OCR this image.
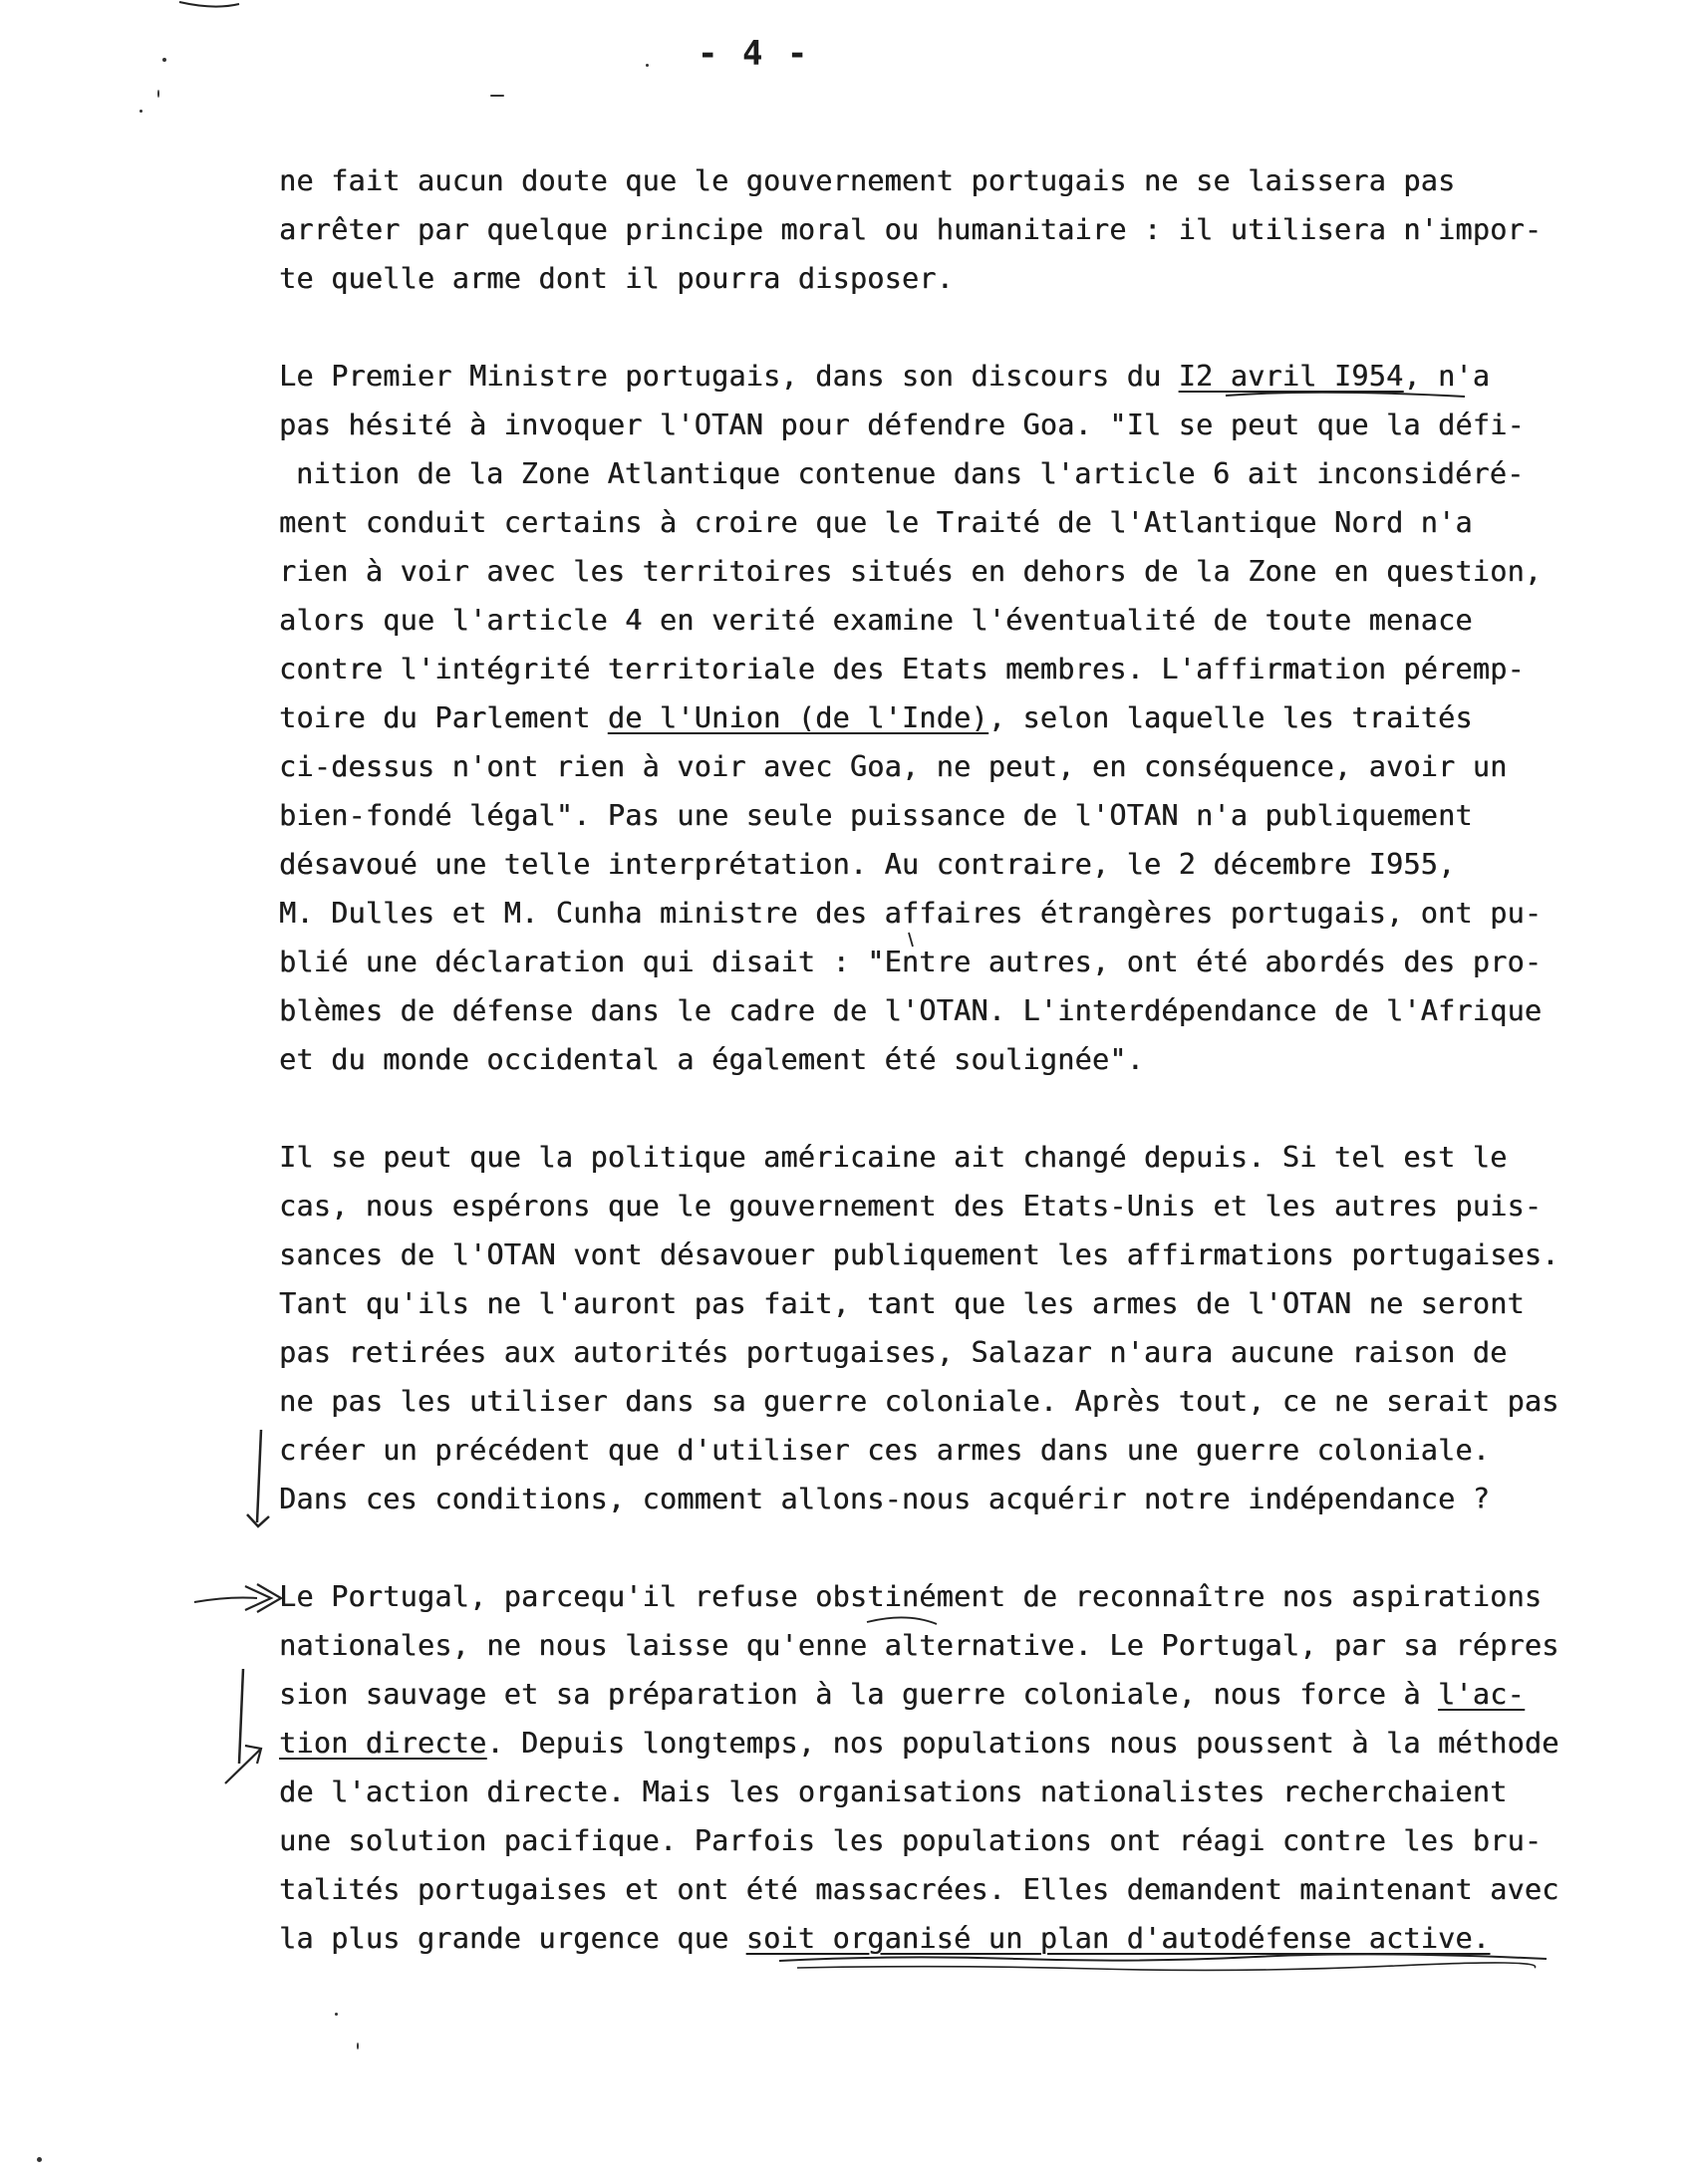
- 4 -
ne fait aucun doute que le gouvernement portugais ne se laissera pas
arrêter par quelque principe moral ou humanitaire : il utilisera n'impor-
te quelle arme dont il pourra disposer.
Le Premier Ministre portugais, dans son discours du I2 avril I954, n'a
pas hésité à invoquer l'OTAN pour défendre Goa. "Il se peut que la défi-
nition de la Zone Atlantique contenue dans l'article 6 ait inconsidéré-
ment conduit certains à croire que le Traité de l'Atlantique Nord n'a
rien à voir avec les territoires situés en dehors de la Zone en question,
alors que l'article 4 en verité examine l'éventualité de toute menace
contre l'intégrité territoriale des Etats membres. L'affirmation péremp-
toire du Parlement de l'Union (de l'Inde), selon laquelle les traités
ci-dessus n'ont rien à voir avec Goa, ne peut, en conséquence, avoir un
bien-fondé légal". Pas une seule puissance de l'OTAN n'a publiquement
désavoué une telle interprétation. Au contraire, le 2 décembre I955,
M. Dulles et M. Cunha ministre des affaires étrangères portugais, ont pu-
blié une déclaration qui disait : "Entre autres, ont été abordés des pro-
blèmes de défense dans le cadre de l'OTAN. L'interdépendance de l'Afrique
et du monde occidental a également été soulignée".
Il se peut que la politique américaine ait changé depuis. Si tel est le
cas, nous espérons que le gouvernement des Etats-Unis et les autres puis-
sances de l'OTAN vont désavouer publiquement les affirmations portugaises.
Tant qu'ils ne l'auront pas fait, tant que les armes de l'OTAN ne seront
pas retirées aux autorités portugaises, Salazar n'aura aucune raison de
ne pas les utiliser dans sa guerre coloniale. Après tout, ce ne serait pas
créer un précédent que d'utiliser ces armes dans une guerre coloniale.
Dans ces conditions, comment allons-nous acquérir notre indépendance ?
Le Portugal, parcequ'il refuse obstinément de reconnaître nos aspirations
nationales, ne nous laisse qu'enne alternative. Le Portugal, par sa répres
sion sauvage et sa préparation à la guerre coloniale, nous force à l'ac-
tion directe. Depuis longtemps, nos populations nous poussent à la méthode
de l'action directe. Mais les organisations nationalistes recherchaient
une solution pacifique. Parfois les populations ont réagi contre les bru-
talités portugaises et ont été massacrées. Elles demandent maintenant avec
la plus grande urgence que soit organisé un plan d'autodéfense active.
